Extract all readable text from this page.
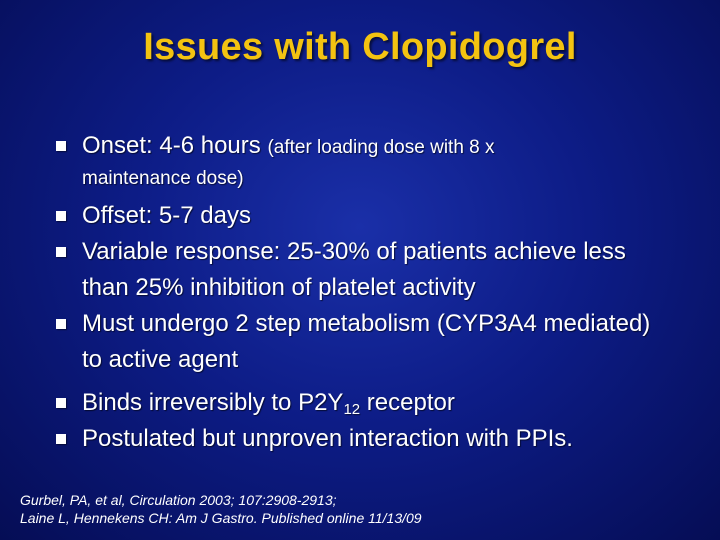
Issues with Clopidogrel
Onset: 4-6 hours (after loading dose with 8 x
maintenance dose)
Offset: 5-7 days
Variable response: 25-30% of patients achieve less than 25% inhibition of platelet activity
Must undergo 2 step metabolism (CYP3A4 mediated) to active agent
Binds irreversibly to $P2Y_{12}$ receptor
Postulated but unproven interaction with PPIs.
Gurbel, PA, et al, Circulation 2003; 107:2908-2913;
Laine L, Hennekens CH: Am J Gastro. Published online 11/13/09
